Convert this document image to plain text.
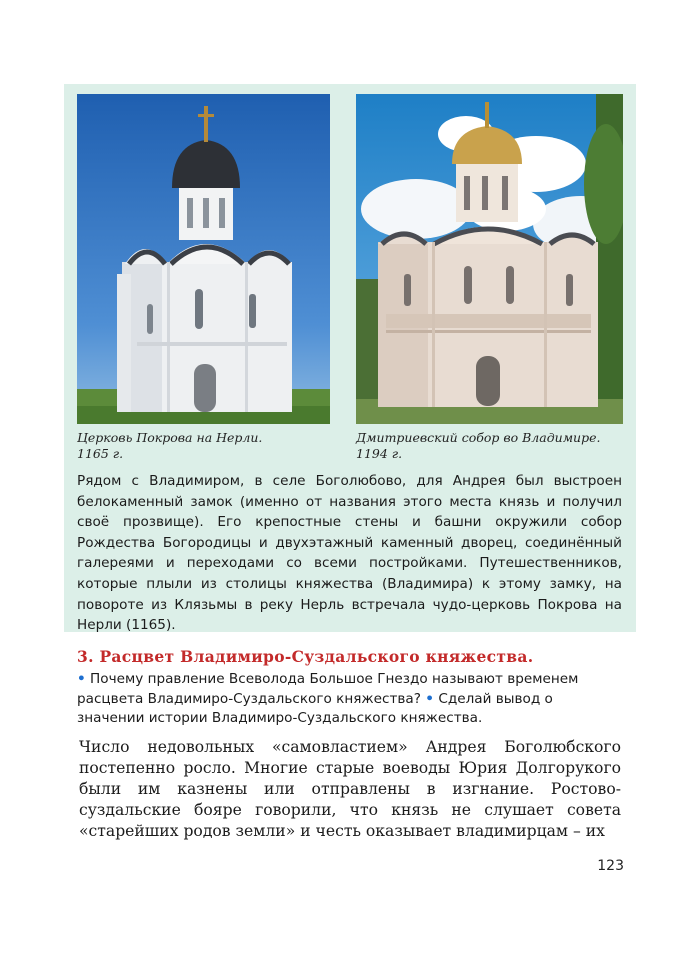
Церковь Покрова на Нерли.
1165 г.
Дмитриевский собор во Владимире.
1194 г.
Рядом с Владимиром, в селе Боголюбово, для Андрея был выстроен белокаменный замок (именно от названия этого места князь и получил своё прозвище). Его крепостные стены и башни окружили собор Рождества Богородицы и двухэтажный каменный дворец, соединённый галереями и переходами со всеми постройками. Путешественников, которые плыли из столицы княжества (Владимира) к этому замку, на повороте из Клязьмы в реку Нерль встречала чудо-церковь Покрова на Нерли (1165).
3. Расцвет Владимиро-Суздальского княжества.
• Почему правление Всеволода Большое Гнездо называют временем расцвета Владимиро-Суздальского княжества? • Сделай вывод о значении истории Владимиро-Суздальского княжества.
Число недовольных «самовластием» Андрея Боголюбского постепенно росло. Многие старые воеводы Юрия Долгорукого были им казнены или отправлены в изгнание. Ростово-суздальские бояре говорили, что князь не слушает совета «старейших родов земли» и честь оказывает владимирцам – их
123
